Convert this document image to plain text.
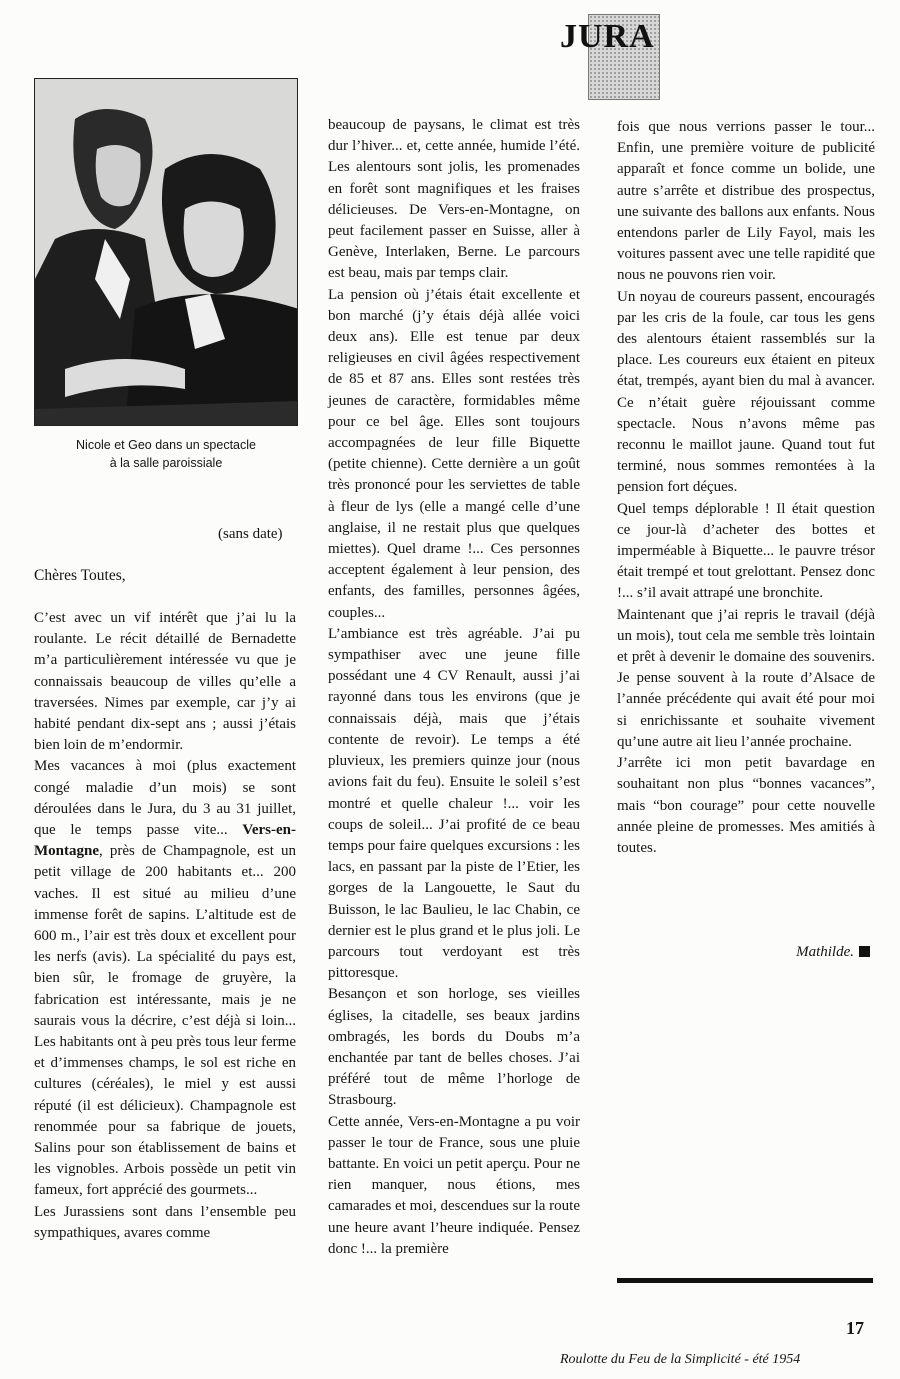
JURA
Nicole et Geo dans un spectacle
à la salle paroissiale
(sans date)
Chères Toutes,

C’est avec un vif intérêt que j’ai lu la roulante. Le récit détaillé de Bernadette m’a particulièrement intéressée vu que je connaissais beaucoup de villes qu’elle a traversées. Nimes par exemple, car j’y ai habité pendant dix-sept ans ; aussi j’étais bien loin de m’endormir.

Mes vacances à moi (plus exactement congé maladie d’un mois) se sont déroulées dans le Jura, du 3 au 31 juillet, que le temps passe vite... Vers-en-Montagne, près de Champagnole, est un petit village de 200 habitants et... 200 vaches. Il est situé au milieu d’une immense forêt de sapins. L’altitude est de 600 m., l’air est très doux et excellent pour les nerfs (avis). La spécialité du pays est, bien sûr, le fromage de gruyère, la fabrication est intéressante, mais je ne saurais vous la décrire, c’est déjà si loin... Les habitants ont à peu près tous leur ferme et d’immenses champs, le sol est riche en cultures (céréales), le miel y est aussi réputé (il est délicieux). Champagnole est renommée pour sa fabrique de jouets, Salins pour son établissement de bains et les vignobles. Arbois possède un petit vin fameux, fort apprécié des gourmets...

Les Jurassiens sont dans l’ensemble peu sympathiques, avares comme

beaucoup de paysans, le climat est très dur l’hiver... et, cette année, humide l’été. Les alentours sont jolis, les promenades en forêt sont magnifiques et les fraises délicieuses. De Vers-en-Montagne, on peut facilement passer en Suisse, aller à Genève, Interlaken, Berne. Le parcours est beau, mais par temps clair.

La pension où j’étais était excellente et bon marché (j’y étais déjà allée voici deux ans). Elle est tenue par deux religieuses en civil âgées respectivement de 85 et 87 ans. Elles sont restées très jeunes de caractère, formidables même pour ce bel âge. Elles sont toujours accompagnées de leur fille Biquette (petite chienne). Cette dernière a un goût très prononcé pour les serviettes de table à fleur de lys (elle a mangé celle d’une anglaise, il ne restait plus que quelques miettes). Quel drame !... Ces personnes acceptent également à leur pension, des enfants, des familles, personnes âgées, couples...

L’ambiance est très agréable. J’ai pu sympathiser avec une jeune fille possédant une 4 CV Renault, aussi j’ai rayonné dans tous les environs (que je connaissais déjà, mais que j’étais contente de revoir). Le temps a été pluvieux, les premiers quinze jour (nous avions fait du feu). Ensuite le soleil s’est montré et quelle chaleur !... voir les coups de soleil... J’ai profité de ce beau temps pour faire quelques excursions : les lacs, en passant par la piste de l’Etier, les gorges de la Langouette, le Saut du Buisson, le lac Baulieu, le lac Chabin, ce dernier est le plus grand et le plus joli. Le parcours tout verdoyant est très pittoresque.

Besançon et son horloge, ses vieilles églises, la citadelle, ses beaux jardins ombragés, les bords du Doubs m’a enchantée par tant de belles choses. J’ai préféré tout de même l’horloge de Strasbourg.

Cette année, Vers-en-Montagne a pu voir passer le tour de France, sous une pluie battante. En voici un petit aperçu. Pour ne rien manquer, nous étions, mes camarades et moi, descendues sur la route une heure avant l’heure indiquée. Pensez donc !... la première

fois que nous verrions passer le tour... Enfin, une première voiture de publicité apparaît et fonce comme un bolide, une autre s’arrête et distribue des prospectus, une suivante des ballons aux enfants. Nous entendons parler de Lily Fayol, mais les voitures passent avec une telle rapidité que nous ne pouvons rien voir.

Un noyau de coureurs passent, encouragés par les cris de la foule, car tous les gens des alentours étaient rassemblés sur la place. Les coureurs eux étaient en piteux état, trempés, ayant bien du mal à avancer. Ce n’était guère réjouissant comme spectacle. Nous n’avons même pas reconnu le maillot jaune. Quand tout fut terminé, nous sommes remontées à la pension fort déçues.

Quel temps déplorable ! Il était question ce jour-là d’acheter des bottes et imperméable à Biquette... le pauvre trésor était trempé et tout grelottant. Pensez donc !... s’il avait attrapé une bronchite.

Maintenant que j’ai repris le travail (déjà un mois), tout cela me semble très lointain et prêt à devenir le domaine des souvenirs. Je pense souvent à la route d’Alsace de l’année précédente qui avait été pour moi si enrichissante et souhaite vivement qu’une autre ait lieu l’année prochaine.

J’arrête ici mon petit bavardage en souhaitant non plus “bonnes vacances”, mais “bon courage” pour cette nouvelle année pleine de promesses. Mes amitiés à toutes.

Mathilde.
17
Roulotte du Feu de la Simplicité - été 1954
